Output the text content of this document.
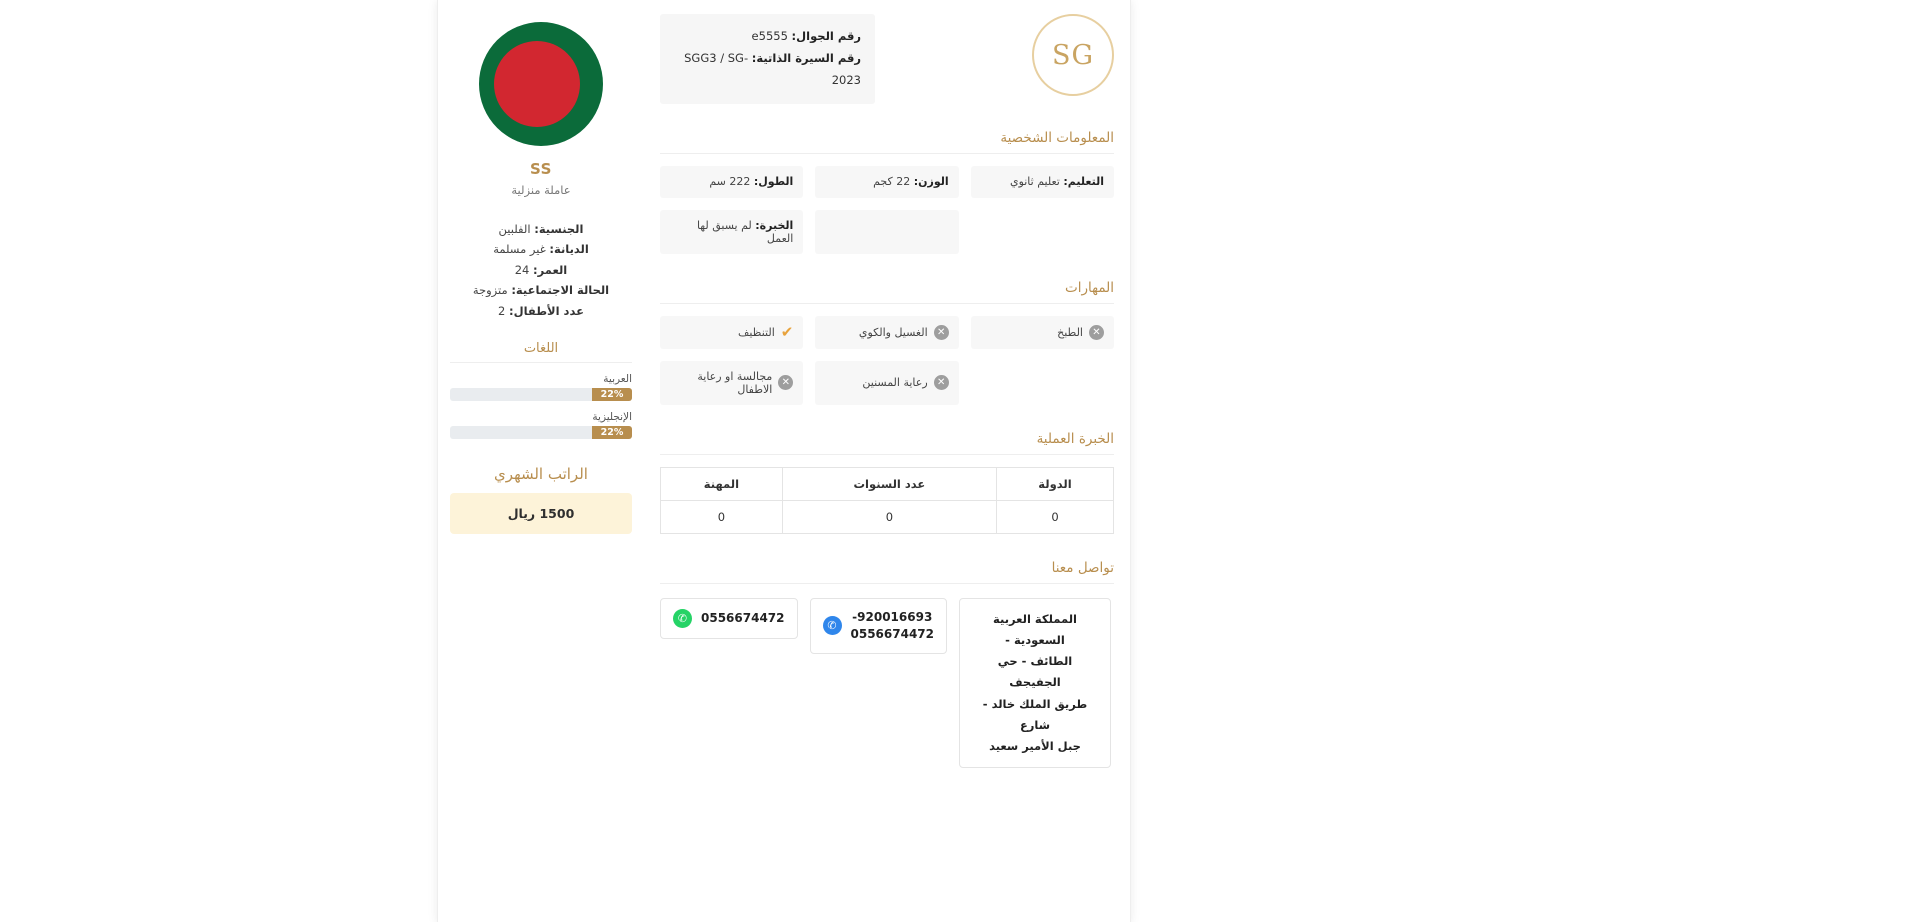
SS
عاملة منزلية
الجنسية: الفلبين
الديانة: غير مسلمة
العمر: 24
الحالة الاجتماعية: متزوجة
عدد الأطفال: 2
اللغات
العربية
22%
الإنجليزية
22%
الراتب الشهري
1500 ريال
رقم الجوال: e5555
رقم السيرة الذاتية: SGG3 / SG-2023
SG
المعلومات الشخصية
الطول: 222 سم	الوزن: 22 كجم	التعليم: تعليم ثانوي
الخبرة: لم يسبق لها العمل
المهارات
التنظيف ✔	الغسيل والكوي ✕	الطبخ ✕
مجالسة او رعاية الاطفال ✕	رعاية المسنين ✕
الخبرة العملية
الدولة	عدد السنوات	المهنة
0	0	0
تواصل معنا
✆	0556674472
✆
920016693-
0556674472
المملكة العربية السعودية -
الطائف - حي الجفيجف
طريق الملك خالد - شارع
جبل الأمير سعيد
